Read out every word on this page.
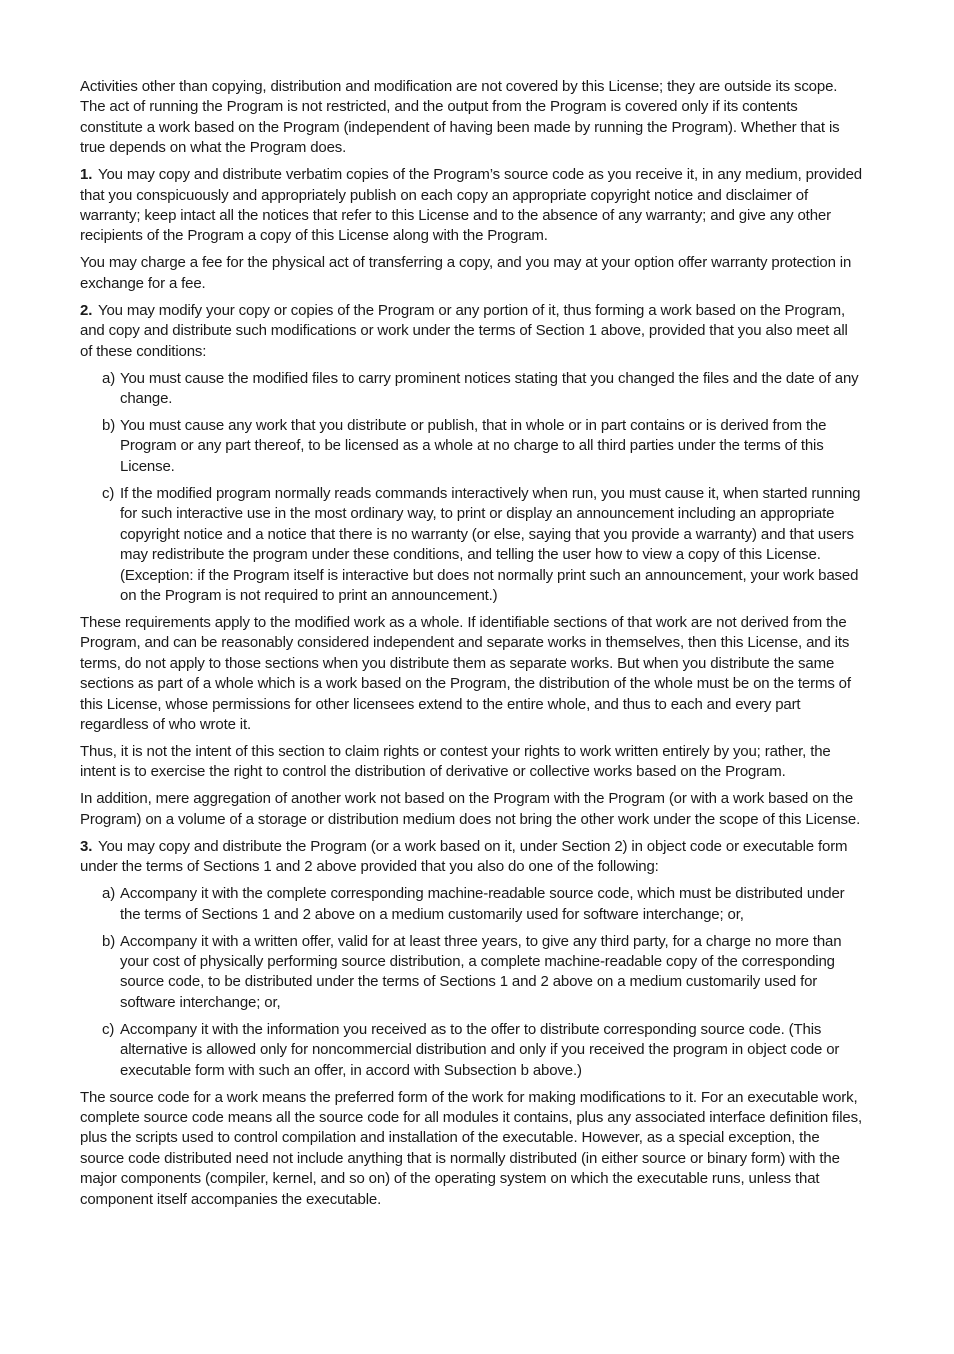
Activities other than copying, distribution and modification are not covered by this License; they are outside its scope. The act of running the Program is not restricted, and the output from the Program is covered only if its contents constitute a work based on the Program (independent of having been made by running the Program). Whether that is true depends on what the Program does.

1. You may copy and distribute verbatim copies of the Program’s source code as you receive it, in any medium, provided that you conspicuously and appropriately publish on each copy an appropriate copyright notice and disclaimer of warranty; keep intact all the notices that refer to this License and to the absence of any warranty; and give any other recipients of the Program a copy of this License along with the Program.

You may charge a fee for the physical act of transferring a copy, and you may at your option offer warranty protection in exchange for a fee.

2. You may modify your copy or copies of the Program or any portion of it, thus forming a work based on the Program, and copy and distribute such modifications or work under the terms of Section 1 above, provided that you also meet all of these conditions:

a) You must cause the modified files to carry prominent notices stating that you changed the files and the date of any change.
b) You must cause any work that you distribute or publish, that in whole or in part contains or is derived from the Program or any part thereof, to be licensed as a whole at no charge to all third parties under the terms of this License.
c) If the modified program normally reads commands interactively when run, you must cause it, when started running for such interactive use in the most ordinary way, to print or display an announcement including an appropriate copyright notice and a notice that there is no warranty (or else, saying that you provide a warranty) and that users may redistribute the program under these conditions, and telling the user how to view a copy of this License. (Exception: if the Program itself is interactive but does not normally print such an announcement, your work based on the Program is not required to print an announcement.)

These requirements apply to the modified work as a whole. If identifiable sections of that work are not derived from the Program, and can be reasonably considered independent and separate works in themselves, then this License, and its terms, do not apply to those sections when you distribute them as separate works. But when you distribute the same sections as part of a whole which is a work based on the Program, the distribution of the whole must be on the terms of this License, whose permissions for other licensees extend to the entire whole, and thus to each and every part regardless of who wrote it.

Thus, it is not the intent of this section to claim rights or contest your rights to work written entirely by you; rather, the intent is to exercise the right to control the distribution of derivative or collective works based on the Program.

In addition, mere aggregation of another work not based on the Program with the Program (or with a work based on the Program) on a volume of a storage or distribution medium does not bring the other work under the scope of this License.

3. You may copy and distribute the Program (or a work based on it, under Section 2) in object code or executable form under the terms of Sections 1 and 2 above provided that you also do one of the following:

a) Accompany it with the complete corresponding machine-readable source code, which must be distributed under the terms of Sections 1 and 2 above on a medium customarily used for software interchange; or,
b) Accompany it with a written offer, valid for at least three years, to give any third party, for a charge no more than your cost of physically performing source distribution, a complete machine-readable copy of the corresponding source code, to be distributed under the terms of Sections 1 and 2 above on a medium customarily used for software interchange; or,
c) Accompany it with the information you received as to the offer to distribute corresponding source code. (This alternative is allowed only for noncommercial distribution and only if you received the program in object code or executable form with such an offer, in accord with Subsection b above.)

The source code for a work means the preferred form of the work for making modifications to it. For an executable work, complete source code means all the source code for all modules it contains, plus any associated interface definition files, plus the scripts used to control compilation and installation of the executable. However, as a special exception, the source code distributed need not include anything that is normally distributed (in either source or binary form) with the major components (compiler, kernel, and so on) of the operating system on which the executable runs, unless that component itself accompanies the executable.
